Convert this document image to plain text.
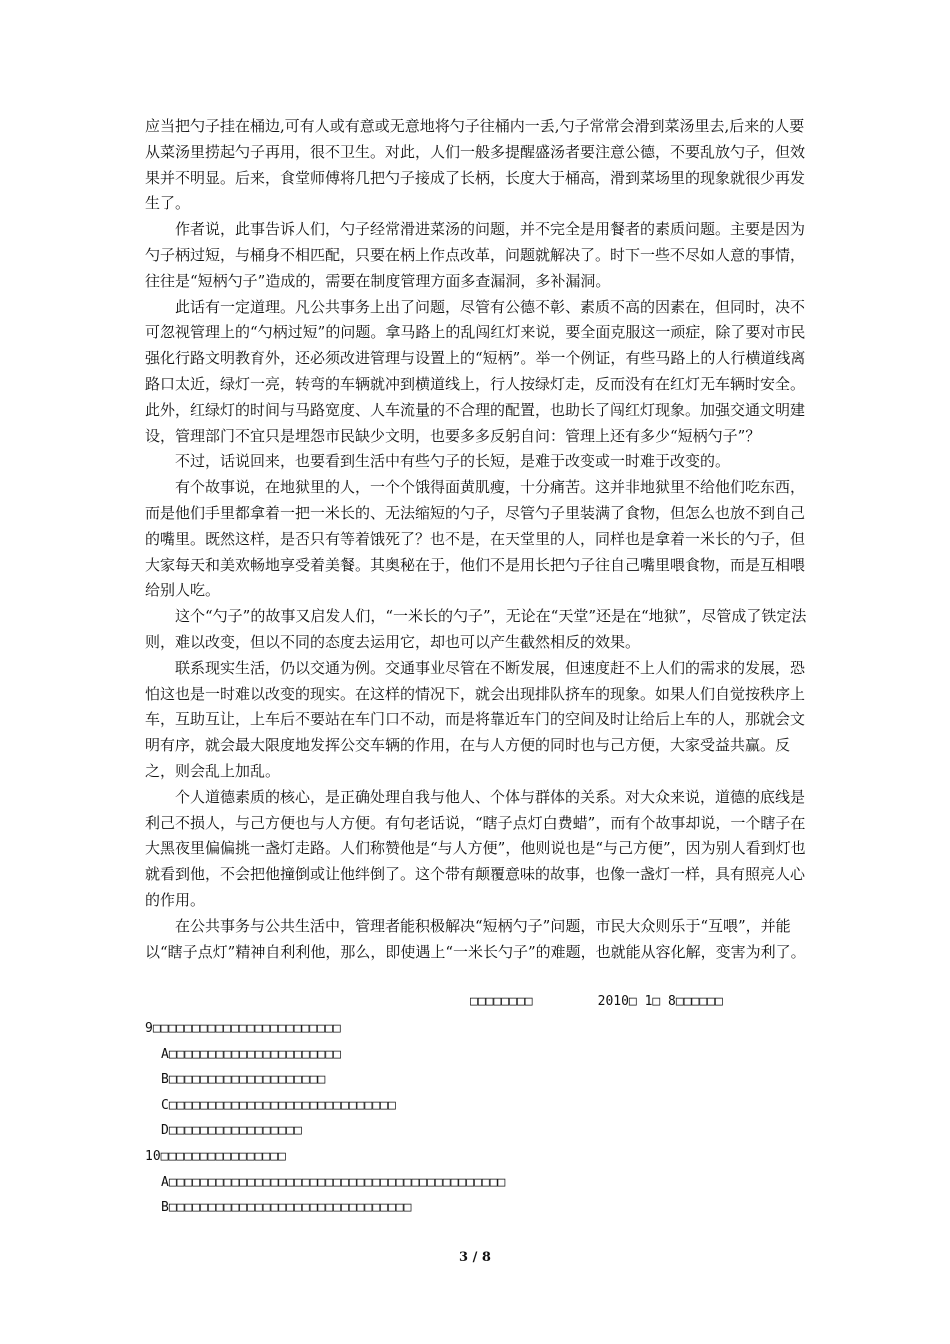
应当把勺子挂在桶边,可有人或有意或无意地将勺子往桶内一丢,勺子常常会滑到菜汤里去,后来的人要从菜汤里捞起勺子再用，很不卫生。对此，人们一般多提醒盛汤者要注意公德，不要乱放勺子，但效果并不明显。后来，食堂师傅将几把勺子接成了长柄，长度大于桶高，滑到菜场里的现象就很少再发生了。

作者说，此事告诉人们，勺子经常滑进菜汤的问题，并不完全是用餐者的素质问题。主要是因为勺子柄过短，与桶身不相匹配，只要在柄上作点改革，问题就解决了。时下一些不尽如人意的事情，往往是“短柄勺子”造成的，需要在制度管理方面多查漏洞，多补漏洞。

此话有一定道理。凡公共事务上出了问题，尽管有公德不彰、素质不高的因素在，但同时，决不可忽视管理上的“勺柄过短”的问题。拿马路上的乱闯红灯来说，要全面克服这一顽症，除了要对市民强化行路文明教育外，还必须改进管理与设置上的“短柄”。举一个例证，有些马路上的人行横道线离路口太近，绿灯一亮，转弯的车辆就冲到横道线上，行人按绿灯走，反而没有在红灯无车辆时安全。此外，红绿灯的时间与马路宽度、人车流量的不合理的配置，也助长了闯红灯现象。加强交通文明建设，管理部门不宜只是埋怨市民缺少文明，也要多多反躬自问：管理上还有多少“短柄勺子”？

不过，话说回来，也要看到生活中有些勺子的长短，是难于改变或一时难于改变的。

有个故事说，在地狱里的人，一个个饿得面黄肌瘦，十分痛苦。这并非地狱里不给他们吃东西，而是他们手里都拿着一把一米长的、无法缩短的勺子，尽管勺子里装满了食物，但怎么也放不到自己的嘴里。既然这样，是否只有等着饿死了？也不是，在天堂里的人，同样也是拿着一米长的勺子，但大家每天和美欢畅地享受着美餐。其奥秘在于，他们不是用长把勺子往自己嘴里喂食物，而是互相喂给别人吃。

这个“勺子”的故事又启发人们，“一米长的勺子”，无论在“天堂”还是在“地狱”，尽管成了铁定法则，难以改变，但以不同的态度去运用它，却也可以产生截然相反的效果。

联系现实生活，仍以交通为例。交通事业尽管在不断发展，但速度赶不上人们的需求的发展，恐怕这也是一时难以改变的现实。在这样的情况下，就会出现排队挤车的现象。如果人们自觉按秩序上车，互助互让，上车后不要站在车门口不动，而是将靠近车门的空间及时让给后上车的人，那就会文明有序，就会最大限度地发挥公交车辆的作用，在与人方便的同时也与己方便，大家受益共赢。反之，则会乱上加乱。

个人道德素质的核心，是正确处理自我与他人、个体与群体的关系。对大众来说，道德的底线是利己不损人，与己方便也与人方便。有句老话说，“瞎子点灯白费蜡”，而有个故事却说，一个瞎子在大黑夜里偏偏挑一盏灯走路。人们称赞他是“与人方便”，他则说也是“与己方便”，因为别人看到灯也就看到他，不会把他撞倒或让他绊倒了。这个带有颠覆意味的故事，也像一盏灯一样，具有照亮人心的作用。

在公共事务与公共生活中，管理者能积极解决“短柄勺子”问题，市民大众则乐于“互喂”，并能以“瞎子点灯”精神自利利他，那么，即使遇上“一米长勺子”的难题，也就能从容化解，变害为利了。

□□□□□□□□　　　　　2010□ 1□ 8□□□□□□

9□□□□□□□□□□□□□□□□□□□□□□□□

A□□□□□□□□□□□□□□□□□□□□□□

B□□□□□□□□□□□□□□□□□□□□

C□□□□□□□□□□□□□□□□□□□□□□□□□□□□□

D□□□□□□□□□□□□□□□□□

10□□□□□□□□□□□□□□□□

A□□□□□□□□□□□□□□□□□□□□□□□□□□□□□□□□□□□□□□□□□□□

B□□□□□□□□□□□□□□□□□□□□□□□□□□□□□□□

3 / 8
